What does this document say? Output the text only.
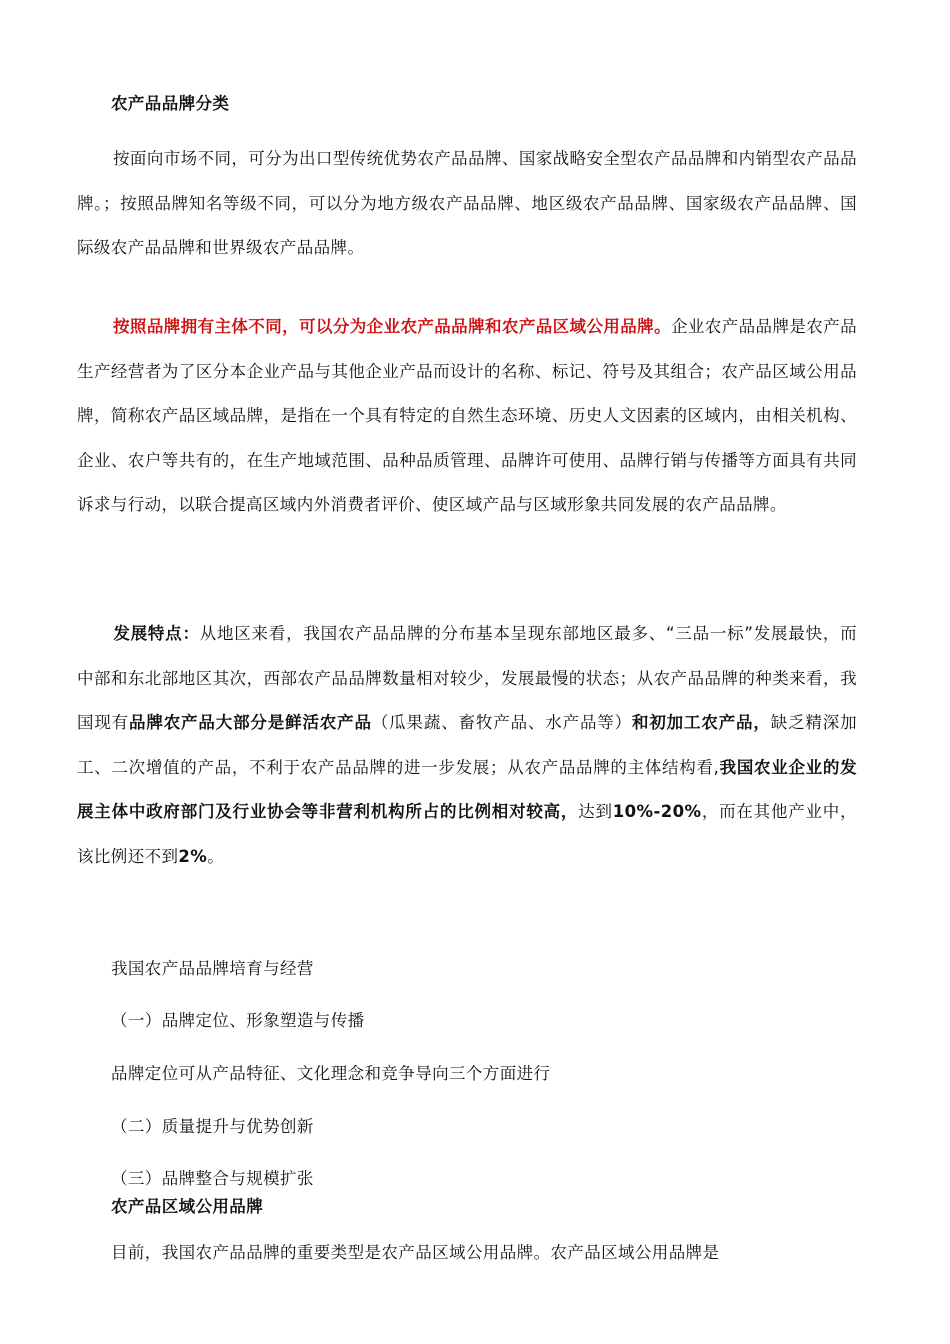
农产品品牌分类
按面向市场不同，可分为出口型传统优势农产品品牌、国家战略安全型农产品品牌和内销型农产品品牌。；按照品牌知名等级不同，可以分为地方级农产品品牌、地区级农产品品牌、国家级农产品品牌、国际级农产品品牌和世界级农产品品牌。
按照品牌拥有主体不同，可以分为企业农产品品牌和农产品区域公用品牌。企业农产品品牌是农产品生产经营者为了区分本企业产品与其他企业产品而设计的名称、标记、符号及其组合；农产品区域公用品牌，简称农产品区域品牌，是指在一个具有特定的自然生态环境、历史人文因素的区域内，由相关机构、企业、农户等共有的，在生产地域范围、品种品质管理、品牌许可使用、品牌行销与传播等方面具有共同诉求与行动，以联合提高区域内外消费者评价、使区域产品与区域形象共同发展的农产品品牌。
发展特点：从地区来看，我国农产品品牌的分布基本呈现东部地区最多、“三品一标”发展最快，而中部和东北部地区其次，西部农产品品牌数量相对较少，发展最慢的状态；从农产品品牌的种类来看，我国现有品牌农产品大部分是鲜活农产品（瓜果蔬、畜牧产品、水产品等）和初加工农产品，缺乏精深加工、二次增值的产品，不利于农产品品牌的进一步发展；从农产品品牌的主体结构看,我国农业企业的发展主体中政府部门及行业协会等非营利机构所占的比例相对较高，达到10%-20%，而在其他产业中，该比例还不到2%。
我国农产品品牌培育与经营
（一）品牌定位、形象塑造与传播
品牌定位可从产品特征、文化理念和竞争导向三个方面进行
（二）质量提升与优势创新
（三）品牌整合与规模扩张
农产品区域公用品牌
目前，我国农产品品牌的重要类型是农产品区域公用品牌。农产品区域公用品牌是
